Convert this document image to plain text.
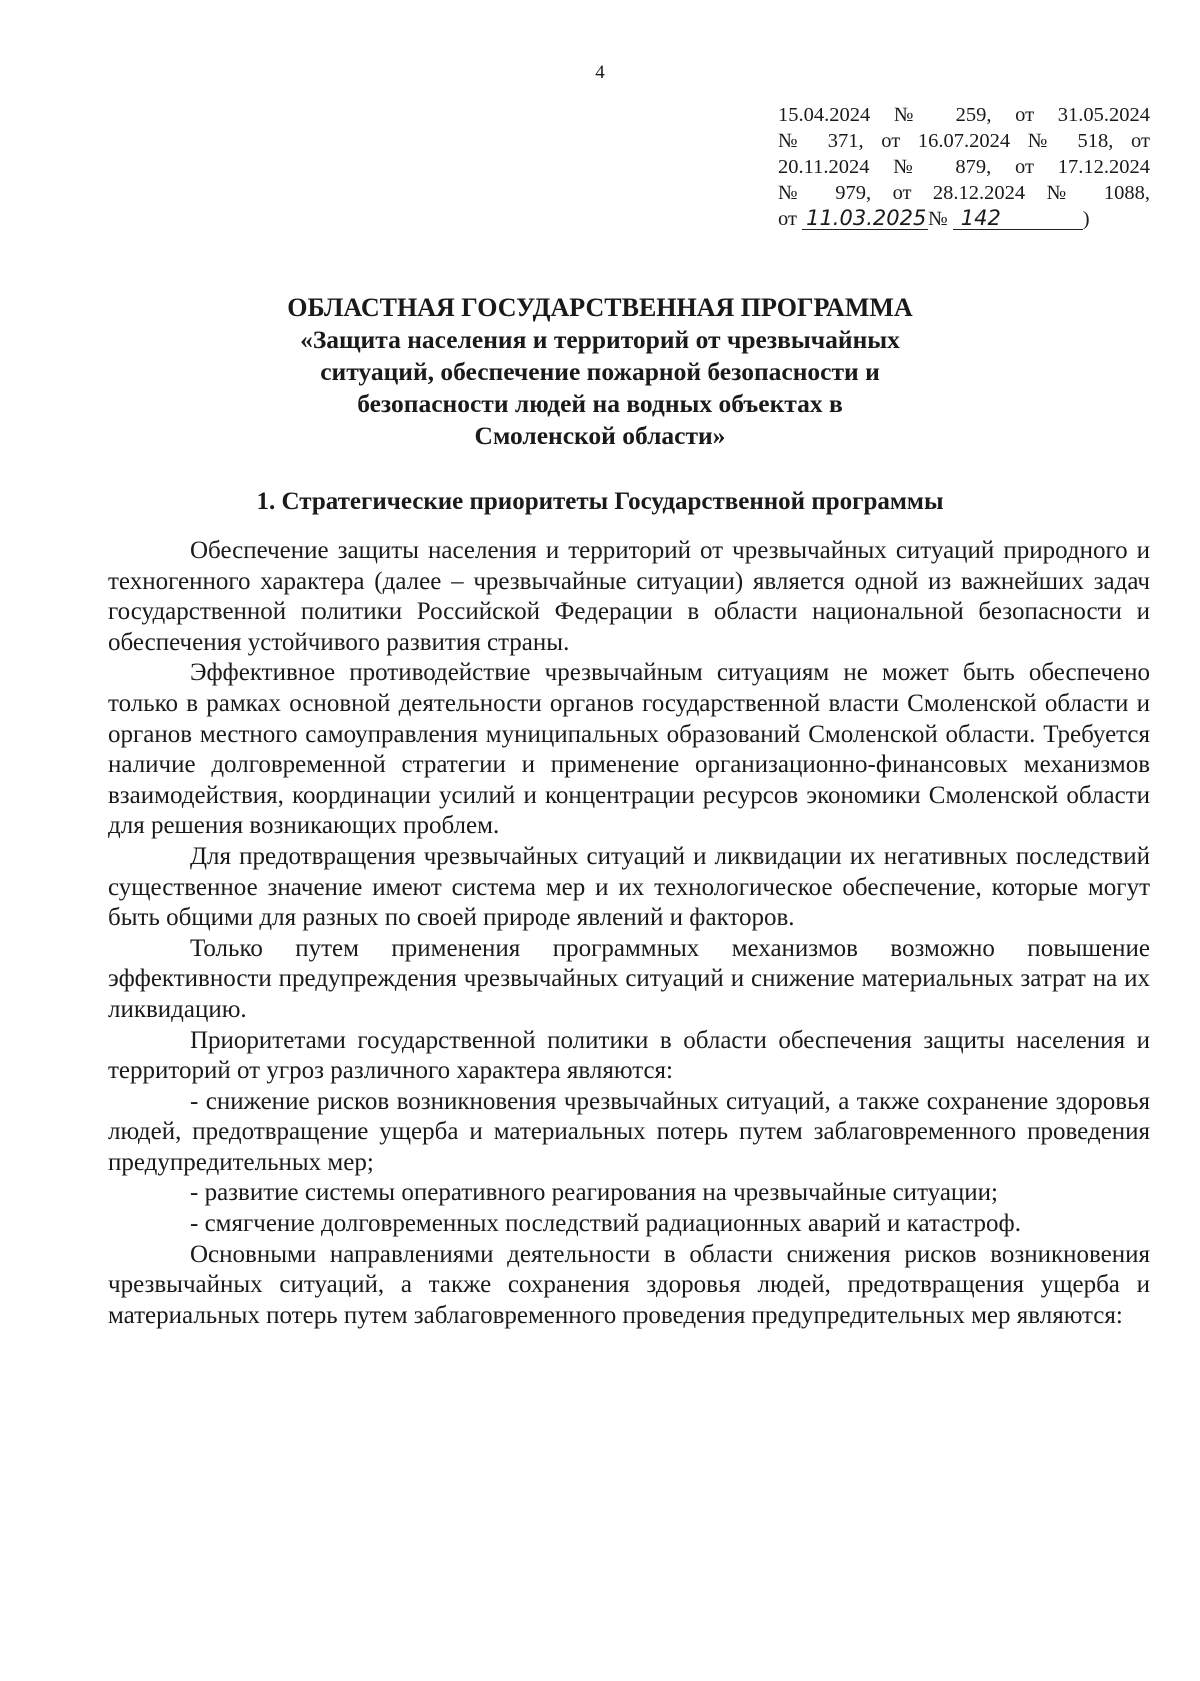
4
15.04.2024 № 259, от 31.05.2024
№ 371, от 16.07.2024 № 518, от
20.11.2024 № 879, от 17.12.2024
№ 979, от 28.12.2024 № 1088,
от 11.03.2025№ 142	)
ОБЛАСТНАЯ ГОСУДАРСТВЕННАЯ ПРОГРАММА
«Защита населения и территорий от чрезвычайных
ситуаций, обеспечение пожарной безопасности и
безопасности людей на водных объектах в
Смоленской области»
1. Стратегические приоритеты Государственной программы

Обеспечение защиты населения и территорий от чрезвычайных ситуаций природного и техногенного характера (далее – чрезвычайные ситуации) является одной из важнейших задач государственной политики Российской Федерации в области национальной безопасности и обеспечения устойчивого развития страны.

Эффективное противодействие чрезвычайным ситуациям не может быть обеспечено только в рамках основной деятельности органов государственной власти Смоленской области и органов местного самоуправления муниципальных образований Смоленской области. Требуется наличие долговременной стратегии и применение организационно-финансовых механизмов взаимодействия, координации усилий и концентрации ресурсов экономики Смоленской области для решения возникающих проблем.

Для предотвращения чрезвычайных ситуаций и ликвидации их негативных последствий существенное значение имеют система мер и их технологическое обеспечение, которые могут быть общими для разных по своей природе явлений и факторов.

Только путем применения программных механизмов возможно повышение эффективности предупреждения чрезвычайных ситуаций и снижение материальных затрат на их ликвидацию.

Приоритетами государственной политики в области обеспечения защиты населения и территорий от угроз различного характера являются:

- снижение рисков возникновения чрезвычайных ситуаций, а также сохранение здоровья людей, предотвращение ущерба и материальных потерь путем заблаговременного проведения предупредительных мер;

- развитие системы оперативного реагирования на чрезвычайные ситуации;

- смягчение долговременных последствий радиационных аварий и катастроф.

Основными направлениями деятельности в области снижения рисков возникновения чрезвычайных ситуаций, а также сохранения здоровья людей, предотвращения ущерба и материальных потерь путем заблаговременного проведения предупредительных мер являются:
